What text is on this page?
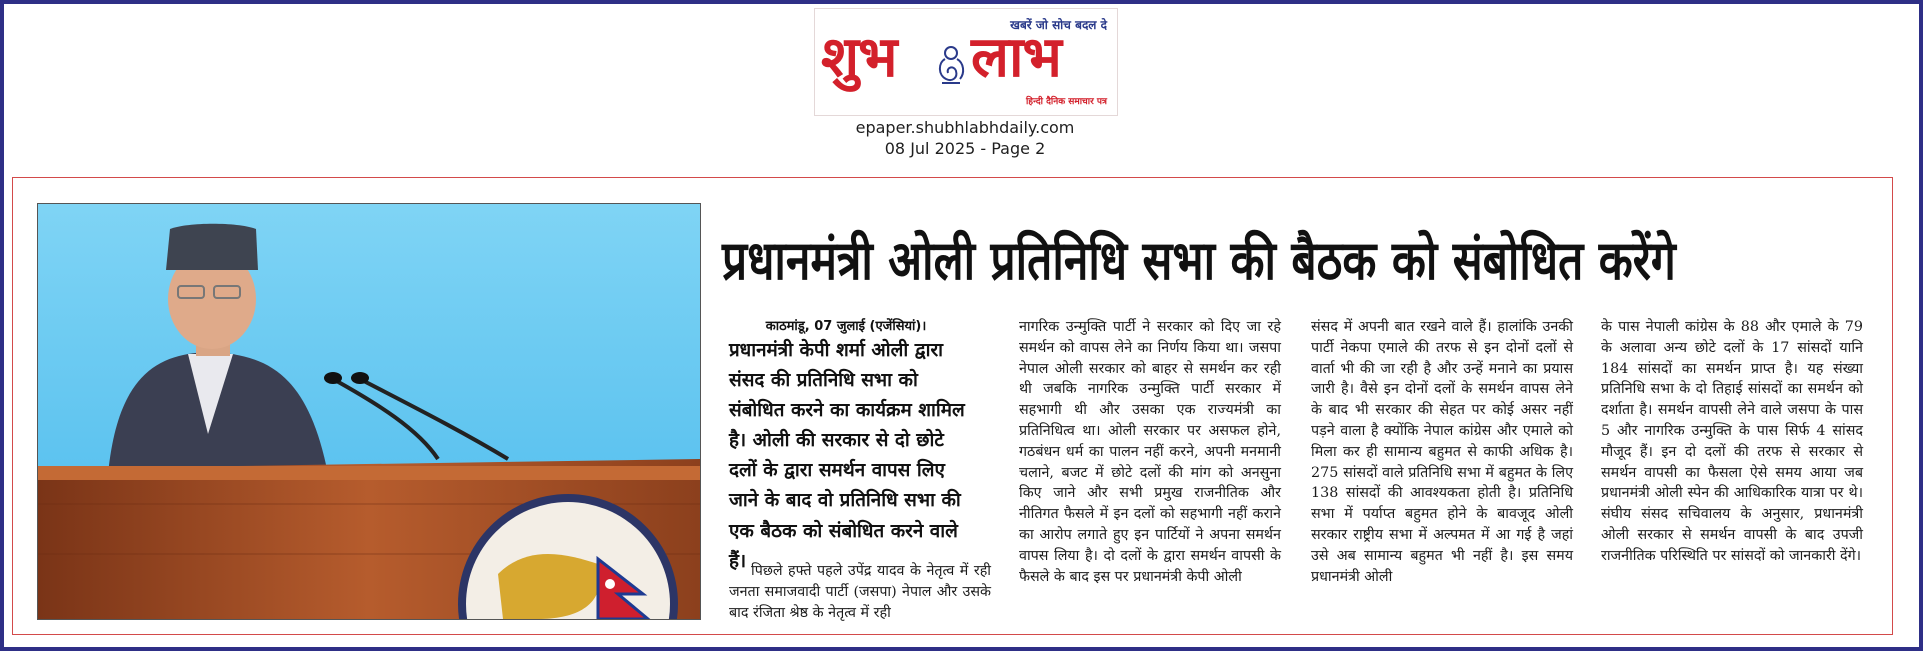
खबरें जो सोच बदल दे
शुभ लाभ
हिन्दी दैनिक समाचार पत्र
epaper.shubhlabhdaily.com
08 Jul 2025 - Page 2
प्रधानमंत्री ओली प्रतिनिधि सभा की बैठक को संबोधित करेंगे
काठमांडू, 07 जुलाई (एजेंसियां)।
प्रधानमंत्री केपी शर्मा ओली द्वारा संसद की प्रतिनिधि सभा को संबोधित करने का कार्यक्रम शामिल है। ओली की सरकार से दो छोटे दलों के द्वारा समर्थन वापस लिए जाने के बाद वो प्रतिनिधि सभा की एक बैठक को संबोधित करने वाले हैं। पिछले हफ्ते पहले उपेंद्र यादव के नेतृत्व में रही जनता समाजवादी पार्टी (जसपा) नेपाल और उसके बाद रंजिता श्रेष्ठ के नेतृत्व में रही

नागरिक उन्मुक्ति पार्टी ने सरकार को दिए जा रहे समर्थन को वापस लेने का निर्णय किया था। जसपा नेपाल ओली सरकार को बाहर से समर्थन कर रही थी जबकि नागरिक उन्मुक्ति पार्टी सरकार में सहभागी थी और उसका एक राज्यमंत्री का प्रतिनिधित्व था। ओली सरकार पर असफल होने, गठबंधन धर्म का पालन नहीं करने, अपनी मनमानी चलाने, बजट में छोटे दलों की मांग को अनसुना किए जाने और सभी प्रमुख राजनीतिक और नीतिगत फैसले में इन दलों को सहभागी नहीं कराने का आरोप लगाते हुए इन पार्टियों ने अपना समर्थन वापस लिया है। दो दलों के द्वारा समर्थन वापसी के फैसले के बाद इस पर प्रधानमंत्री केपी ओली

संसद में अपनी बात रखने वाले हैं। हालांकि उनकी पार्टी नेकपा एमाले की तरफ से इन दोनों दलों से वार्ता भी की जा रही है और उन्हें मनाने का प्रयास जारी है। वैसे इन दोनों दलों के समर्थन वापस लेने के बाद भी सरकार की सेहत पर कोई असर नहीं पड़ने वाला है क्योंकि नेपाल कांग्रेस और एमाले को मिला कर ही सामान्य बहुमत से काफी अधिक है। 275 सांसदों वाले प्रतिनिधि सभा में बहुमत के लिए 138 सांसदों की आवश्यकता होती है। प्रतिनिधि सभा में पर्याप्त बहुमत होने के बावजूद ओली सरकार राष्ट्रीय सभा में अल्पमत में आ गई है जहां उसे अब सामान्य बहुमत भी नहीं है। इस समय प्रधानमंत्री ओली

के पास नेपाली कांग्रेस के 88 और एमाले के 79 के अलावा अन्य छोटे दलों के 17 सांसदों यानि 184 सांसदों का समर्थन प्राप्त है। यह संख्या प्रतिनिधि सभा के दो तिहाई सांसदों का समर्थन को दर्शाता है। समर्थन वापसी लेने वाले जसपा के पास 5 और नागरिक उन्मुक्ति के पास सिर्फ 4 सांसद मौजूद हैं। इन दो दलों की तरफ से सरकार से समर्थन वापसी का फैसला ऐसे समय आया जब प्रधानमंत्री ओली स्पेन की आधिकारिक यात्रा पर थे। संघीय संसद सचिवालय के अनुसार, प्रधानमंत्री ओली सरकार से समर्थन वापसी के बाद उपजी राजनीतिक परिस्थिति पर सांसदों को जानकारी देंगे।
